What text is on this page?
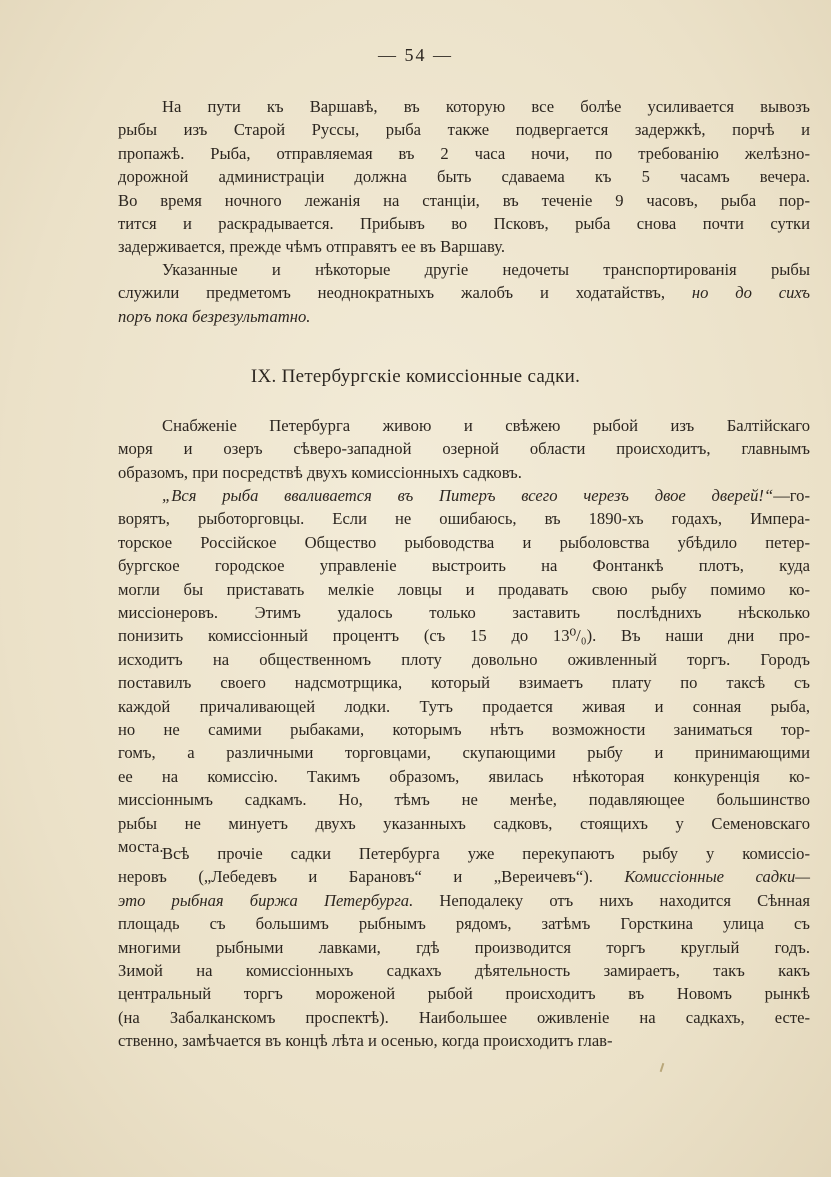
— 54 —
На пути къ Варшавѣ, въ которую все болѣе усиливается вывозъ
рыбы изъ Старой Руссы, рыба также подвергается задержкѣ, порчѣ и
пропажѣ. Рыба, отправляемая въ 2 часа ночи, по требованію желѣзно-
дорожной администраціи должна быть сдаваема къ 5 часамъ вечера.
Во время ночного лежанія на станціи, въ теченіе 9 часовъ, рыба пор-
тится и раскрадывается. Прибывъ во Псковъ, рыба снова почти сутки
задерживается, прежде чѣмъ отправятъ ее въ Варшаву.
Указанные и нѣкоторые другіе недочеты транспортированія рыбы
служили предметомъ неоднократныхъ жалобъ и ходатайствъ, но до сихъ
поръ пока безрезультатно.
IX. Петербургскіе комиссіонные садки.
Снабженіе Петербурга живою и свѣжею рыбой изъ Балтійскаго
моря и озеръ сѣверо-западной озерной области происходитъ, главнымъ
образомъ, при посредствѣ двухъ комиссіонныхъ садковъ.
„Вся рыба вваливается въ Питеръ всего черезъ двое дверей!“—го-
ворятъ, рыботорговцы. Если не ошибаюсь, въ 1890-хъ годахъ, Импера-
торское Россійское Общество рыбоводства и рыболовства убѣдило петер-
бургское городское управленіе выстроить на Фонтанкѣ плотъ, куда
могли бы приставать мелкіе ловцы и продавать свою рыбу помимо ко-
миссіонеровъ. Этимъ удалось только заставить послѣднихъ нѣсколько
понизить комиссіонный процентъ (съ 15 до 13⁰/₀). Въ наши дни про-
исходитъ на общественномъ плоту довольно оживленный торгъ. Городъ
поставилъ своего надсмотрщика, который взимаетъ плату по таксѣ съ
каждой причаливающей лодки. Тутъ продается живая и сонная рыба,
но не самими рыбаками, которымъ нѣтъ возможности заниматься тор-
гомъ, а различными торговцами, скупающими рыбу и принимающими
ее на комиссію. Такимъ образомъ, явилась нѣкоторая конкуренція ко-
миссіоннымъ садкамъ. Но, тѣмъ не менѣе, подавляющее большинство
рыбы не минуетъ двухъ указанныхъ садковъ, стоящихъ у Семеновскаго
моста.
Всѣ прочіе садки Петербурга уже перекупаютъ рыбу у комиссіо-
неровъ („Лебедевъ и Барановъ“ и „Вереичевъ“). Комиссіонные садки—
это рыбная биржа Петербурга. Неподалеку отъ нихъ находится Сѣнная
площадь съ большимъ рыбнымъ рядомъ, затѣмъ Горсткина улица съ
многими рыбными лавками, гдѣ производится торгъ круглый годъ.
Зимой на комиссіонныхъ садкахъ дѣятельность замираетъ, такъ какъ
центральный торгъ мороженой рыбой происходитъ въ Новомъ рынкѣ
(на Забалканскомъ проспектѣ). Наибольшее оживленіе на садкахъ, есте-
ственно, замѣчается въ концѣ лѣта и осенью, когда происходитъ глав-
